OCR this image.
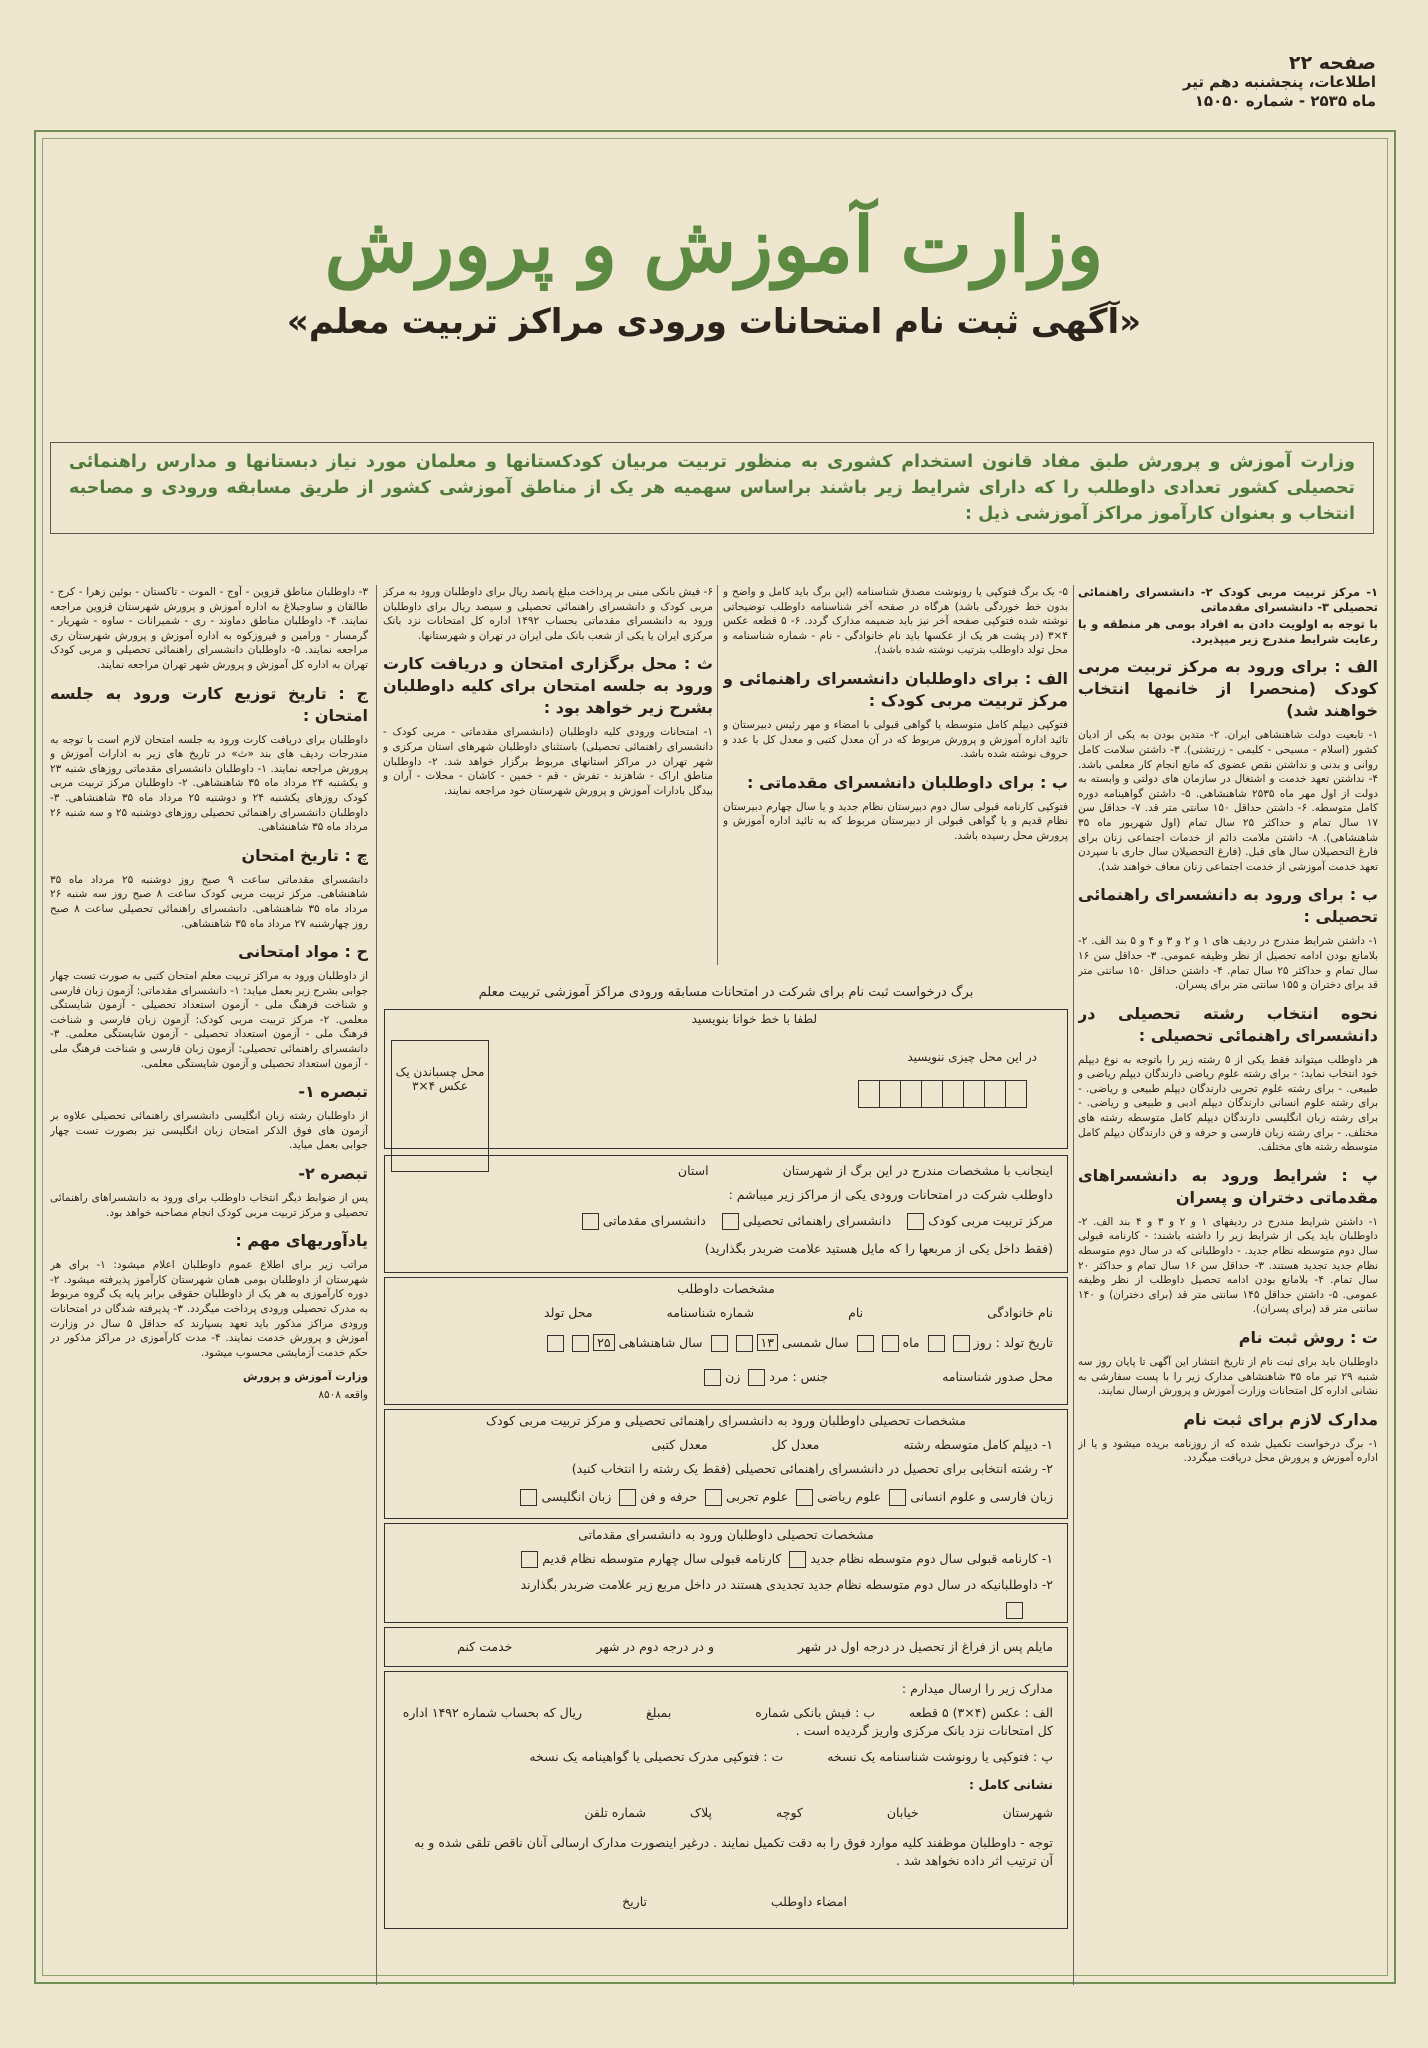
صفحه ۲۲
اطلاعات، پنجشنبه دهم تیر
ماه ۲۵۳۵ - شماره ۱۵۰۵۰
وزارت آموزش و پرورش
«آگهی ثبت نام امتحانات ورودی مراکز تربیت معلم»
وزارت آموزش و پرورش طبق مفاد قانون استخدام کشوری به منظور تربیت مربیان کودکستانها و معلمان مورد نیاز دبستانها و مدارس راهنمائی تحصیلی کشور تعدادی داوطلب را که دارای شرایط زیر باشند براساس سهمیه هر یک از مناطق آموزشی کشور از طریق مسابقه ورودی و مصاحبه انتخاب و بعنوان کارآموز مراکز آموزشی ذیل :

۱- مرکز تربیت مربی کودک ۲- دانشسرای راهنمائی تحصیلی ۳- دانشسرای مقدماتی

با توجه به اولویت دادن به افراد بومی هر منطقه و با رعایت شرایط مندرج زیر میپذیرد.

الف : برای ورود به مرکز تربیت مربی کودک (منحصرا از خانمها انتخاب خواهند شد)

۱- تابعیت دولت شاهنشاهی ایران. ۲- متدین بودن به یکی از ادیان کشور (اسلام - مسیحی - کلیمی - زرتشتی). ۳- داشتن سلامت کامل روانی و بدنی و نداشتن نقص عضوی که مانع انجام کار معلمی باشد. ۴- نداشتن تعهد خدمت و اشتغال در سازمان های دولتی و وابسته به دولت از اول مهر ماه ۲۵۳۵ شاهنشاهی. ۵- داشتن گواهینامه دوره کامل متوسطه. ۶- داشتن حداقل ۱۵۰ سانتی متر قد. ۷- حداقل سن ۱۷ سال تمام و حداکثر ۲۵ سال تمام (اول شهریور ماه ۳۵ شاهنشاهی). ۸- داشتن ملامت دائم از خدمات اجتماعی زنان برای فارغ التحصیلان سال های قبل. (فارغ التحصیلان سال جاری با سپردن تعهد خدمت آموزشی از خدمت اجتماعی زنان معاف خواهند شد).

ب : برای ورود به دانشسرای راهنمائی تحصیلی :

۱- داشتن شرایط مندرج در ردیف های ۱ و ۲ و ۳ و ۴ و ۵ بند الف. ۲- بلامانع بودن ادامه تحصیل از نظر وظیفه عمومی. ۳- حداقل سن ۱۶ سال تمام و حداکثر ۲۵ سال تمام. ۴- داشتن حداقل ۱۵۰ سانتی متر قد برای دختران و ۱۵۵ سانتی متر برای پسران.

نحوه انتخاب رشته تحصیلی در دانشسرای راهنمائی تحصیلی :

هر داوطلب میتواند فقط یکی از ۵ رشته زیر را باتوجه به نوع دیپلم خود انتخاب نماید: - برای رشته علوم ریاضی دارندگان دیپلم ریاضی و طبیعی. - برای رشته علوم تجربی دارندگان دیپلم طبیعی و ریاضی. - برای رشته علوم انسانی دارندگان دیپلم ادبی و طبیعی و ریاضی. - برای رشته زبان انگلیسی دارندگان دیپلم کامل متوسطه رشته های مختلف. - برای رشته زبان فارسی و حرفه و فن دارندگان دیپلم کامل متوسطه رشته های مختلف.

پ : شرایط ورود به دانشسراهای مقدماتی دختران و پسران

۱- داشتن شرایط مندرج در ردیفهای ۱ و ۲ و ۳ و ۴ بند الف. ۲- داوطلبان باید یکی از شرایط زیر را داشته باشند: - کارنامه قبولی سال دوم متوسطه نظام جدید. - داوطلبانی که در سال دوم متوسطه نظام جدید تجدید هستند. ۳- حداقل سن ۱۶ سال تمام و حداکثر ۲۰ سال تمام. ۴- بلامانع بودن ادامه تحصیل داوطلب از نظر وظیفه عمومی. ۵- داشتن حداقل ۱۴۵ سانتی متر قد (برای دختران) و ۱۴۰ سانتی متر قد (برای پسران).

ت : روش ثبت نام

داوطلبان باید برای ثبت نام از تاریخ انتشار این آگهی تا پایان روز سه شنبه ۲۹ تیر ماه ۳۵ شاهنشاهی مدارک زیر را با پست سفارشی به نشانی اداره کل امتحانات وزارت آموزش و پرورش ارسال نمایند.

مدارک لازم برای ثبت نام

۱- برگ درخواست تکمیل شده که از روزنامه بریده میشود و یا از اداره آموزش و پرورش محل دریافت میگردد.

۵- یک برگ فتوکپی یا رونوشت مصدق شناسنامه (این برگ باید کامل و واضح و بدون خط خوردگی باشد) هرگاه در صفحه آخر شناسنامه داوطلب توضیحاتی نوشته شده فتوکپی صفحه آخر نیز باید ضمیمه مدارک گردد. ۶- ۵ قطعه عکس ۴×۳ (در پشت هر یک از عکسها باید نام خانوادگی - نام - شماره شناسنامه و محل تولد داوطلب بترتیب نوشته شده باشد).

الف : برای داوطلبان دانشسرای راهنمائی و مرکز تربیت مربی کودک :

فتوکپی دیپلم کامل متوسطه یا گواهی قبولی با امضاء و مهر رئیس دبیرستان و تائید اداره آموزش و پرورش مربوط که در آن معدل کتبی و معدل کل با عدد و حروف نوشته شده باشد.

ب : برای داوطلبان دانشسرای مقدماتی :

فتوکپی کارنامه قبولی سال دوم دبیرستان نظام جدید و یا سال چهارم دبیرستان نظام قدیم و یا گواهی قبولی از دبیرستان مربوط که به تائید اداره آموزش و پرورش محل رسیده باشد.

۶- فیش بانکی مبنی بر پرداخت مبلغ پانصد ریال برای داوطلبان ورود به مرکز مربی کودک و دانشسرای راهنمائی تحصیلی و سیصد ریال برای داوطلبان ورود به دانشسرای مقدماتی بحساب ۱۴۹۲ اداره کل امتحانات نزد بانک مرکزی ایران یا یکی از شعب بانک ملی ایران در تهران و شهرستانها.

ث : محل برگزاری امتحان و دریافت کارت ورود به جلسه امتحان برای کلیه داوطلبان بشرح زیر خواهد بود :

۱- امتحانات ورودی کلیه داوطلبان (دانشسرای مقدماتی - مربی کودک - دانشسرای راهنمائی تحصیلی) باستثنای داوطلبان شهرهای استان مرکزی و شهر تهران در مراکز استانهای مربوط برگزار خواهد شد. ۲- داوطلبان مناطق اراک - شاهزند - تفرش - قم - خمین - کاشان - محلات - آران و بیدگل بادارات آموزش و پرورش شهرستان خود مراجعه نمایند.

۳- داوطلبان مناطق قزوین - آوج - الموت - تاکستان - بوئین زهرا - کرج - طالقان و ساوجبلاغ به اداره آموزش و پرورش شهرستان قزوین مراجعه نمایند. ۴- داوطلبان مناطق دماوند - ری - شمیرانات - ساوه - شهریار - گرمسار - ورامین و فیروزکوه به اداره آموزش و پرورش شهرستان ری مراجعه نمایند. ۵- داوطلبان دانشسرای راهنمائی تحصیلی و مربی کودک تهران به اداره کل آموزش و پرورش شهر تهران مراجعه نمایند.

ج : تاریخ توزیع کارت ورود به جلسه امتحان :

داوطلبان برای دریافت کارت ورود به جلسه امتحان لازم است با توجه به مندرجات ردیف های بند «ث» در تاریخ های زیر به ادارات آموزش و پرورش مراجعه نمایند. ۱- داوطلبان دانشسرای مقدماتی روزهای شنبه ۲۳ و یکشنبه ۲۴ مرداد ماه ۳۵ شاهنشاهی. ۲- داوطلبان مرکز تربیت مربی کودک روزهای یکشنبه ۲۴ و دوشنبه ۲۵ مرداد ماه ۳۵ شاهنشاهی. ۳- داوطلبان دانشسرای راهنمائی تحصیلی روزهای دوشنبه ۲۵ و سه شنبه ۲۶ مرداد ماه ۳۵ شاهنشاهی.

چ : تاریخ امتحان

دانشسرای مقدماتی ساعت ۹ صبح روز دوشنبه ۲۵ مرداد ماه ۳۵ شاهنشاهی. مرکز تربیت مربی کودک ساعت ۸ صبح روز سه شنبه ۲۶ مرداد ماه ۳۵ شاهنشاهی. دانشسرای راهنمائی تحصیلی ساعت ۸ صبح روز چهارشنبه ۲۷ مرداد ماه ۳۵ شاهنشاهی.

ح : مواد امتحانی

از داوطلبان ورود به مراکز تربیت معلم امتحان کتبی به صورت تست چهار جوابی بشرح زیر بعمل میاید: ۱- دانشسرای مقدماتی: آزمون زبان فارسی و شناخت فرهنگ ملی - آزمون استعداد تحصیلی - آزمون شایستگی معلمی. ۲- مرکز تربیت مربی کودک: آزمون زبان فارسی و شناخت فرهنگ ملی - آزمون استعداد تحصیلی - آزمون شایستگی معلمی. ۳- دانشسرای راهنمائی تحصیلی: آزمون زبان فارسی و شناخت فرهنگ ملی - آزمون استعداد تحصیلی و آزمون شایستگی معلمی.

تبصره ۱-

از داوطلبان رشته زبان انگلیسی دانشسرای راهنمائی تحصیلی علاوه بر آزمون های فوق الذکر امتحان زبان انگلیسی نیز بصورت تست چهار جوابی بعمل میاید.

تبصره ۲-

پس از ضوابط دیگر انتخاب داوطلب برای ورود به دانشسراهای راهنمائی تحصیلی و مرکز تربیت مربی کودک انجام مصاحبه خواهد بود.

یادآوریهای مهم :

مراتب زیر برای اطلاع عموم داوطلبان اعلام میشود: ۱- برای هر شهرستان از داوطلبان بومی همان شهرستان کارآموز پذیرفته میشود. ۲- دوره کارآموزی به هر یک از داوطلبان حقوقی برابر پایه یک گروه مربوط به مدرک تحصیلی ورودی پرداخت میگردد. ۳- پذیرفته شدگان در امتحانات ورودی مراکز مذکور باید تعهد بسپارند که حداقل ۵ سال در وزارت آموزش و پرورش خدمت نمایند. ۴- مدت کارآموزی در مراکز مذکور در حکم خدمت آزمایشی محسوب میشود.

وزارت آموزش و پرورش

واقعه ۸۵۰۸

برگ درخواست ثبت نام برای شرکت در امتحانات مسابقه ورودی مراکز آموزشی تربیت معلم
لطفا با خط خوانا بنویسید
محل چسباندن یک عکس ۴×۳
در این محل چیزی ننویسید
اینجانب با مشخصات مندرج در این برگ از شهرستان استان
داوطلب شرکت در امتحانات ورودی یکی از مراکز زیر میباشم :
مرکز تربیت مربی کودک   دانشسرای راهنمائی تحصیلی   دانشسرای مقدماتی
(فقط داخل یکی از مربعها را که مایل هستید علامت ضربدر بگذارید)
مشخصات داوطلب
نام خانوادگی نام شماره شناسنامه محل تولد
تاریخ تولد : روز ماه سال شمسی ۱۳ سال شاهنشاهی ۲۵
محل صدور شناسنامه جنس : مرد زن
مشخصات تحصیلی داوطلبان ورود به دانشسرای راهنمائی تحصیلی و مرکز تربیت مربی کودک
۱- دیپلم کامل متوسطه رشته معدل کل معدل کتبی
۲- رشته انتخابی برای تحصیل در دانشسرای راهنمائی تحصیلی (فقط یک رشته را انتخاب کنید)
زبان فارسی و علوم انسانی علوم ریاضی علوم تجربی حرفه و فن زبان انگلیسی
مشخصات تحصیلی داوطلبان ورود به دانشسرای مقدماتی
۱- کارنامه قبولی سال دوم متوسطه نظام جدید کارنامه قبولی سال چهارم متوسطه نظام قدیم
۲- داوطلبانیکه در سال دوم متوسطه نظام جدید تجدیدی هستند در داخل مربع زیر علامت ضربدر بگذارند
مایلم پس از فراغ از تحصیل در درجه اول در شهر و در درجه دوم در شهر خدمت کنم
مدارک زیر را ارسال میدارم :
الف : عکس (۴×۳) ۵ قطعه ب : فیش بانکی شماره بمبلغ ریال که بحساب شماره ۱۴۹۲ اداره کل امتحانات نزد بانک مرکزی واریز گردیده است .
پ : فتوکپی یا رونوشت شناسنامه یک نسخه ت : فتوکپی مدرک تحصیلی یا گواهینامه یک نسخه
نشانی کامل :
شهرستان خیابان کوچه پلاک شماره تلفن
توجه - داوطلبان موظفند کلیه موارد فوق را به دقت تکمیل نمایند . درغیر اینصورت مدارک ارسالی آنان ناقص تلقی شده و به آن ترتیب اثر داده نخواهد شد .
امضاء داوطلب
تاریخ
